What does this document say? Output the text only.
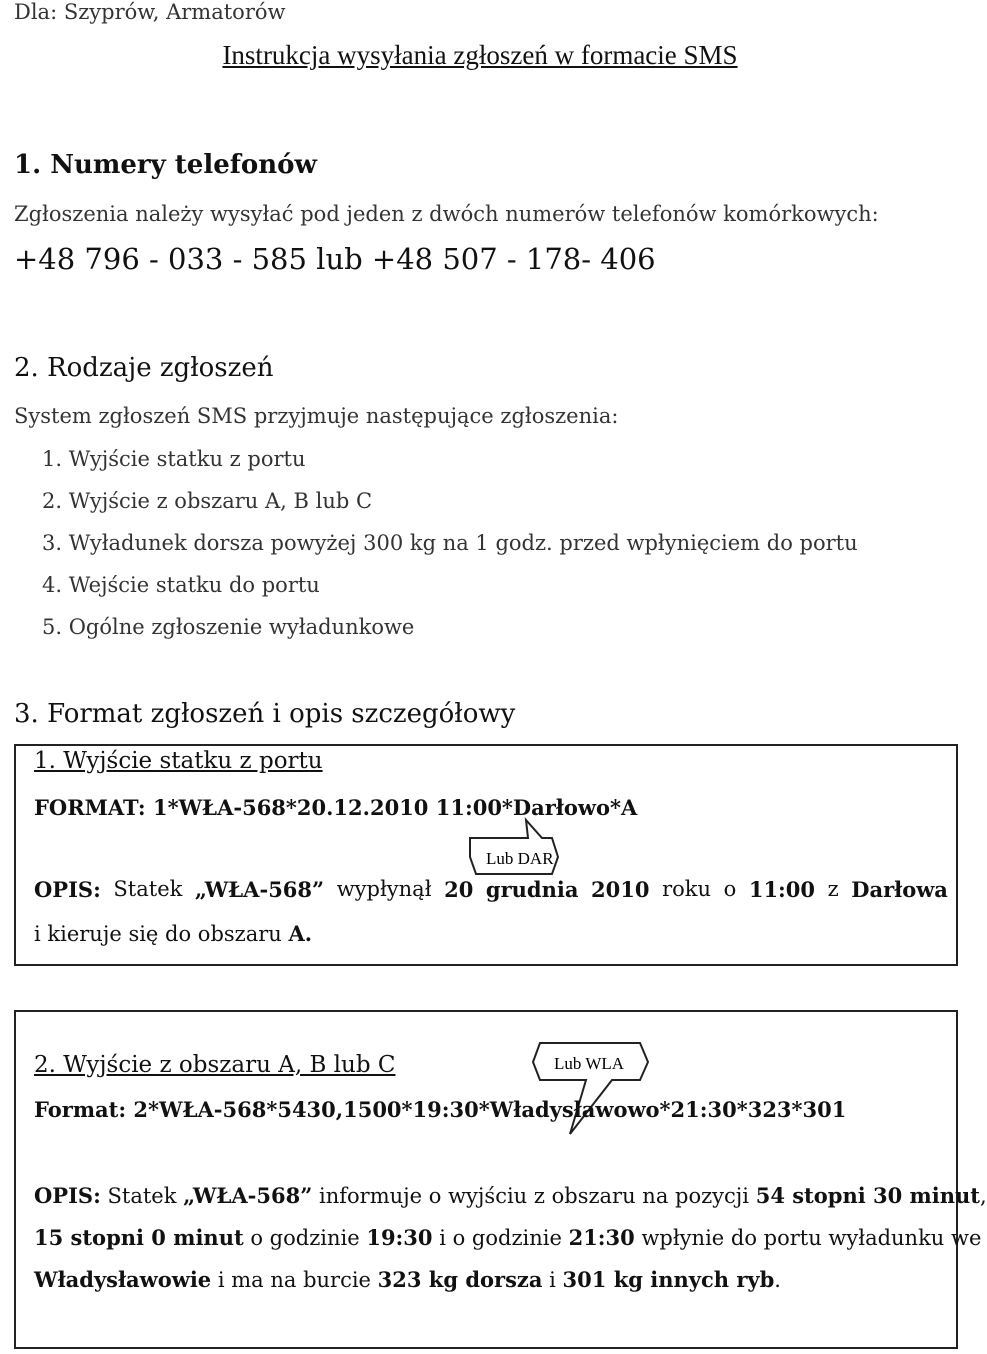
Dla: Szyprów, Armatorów
Instrukcja wysyłania zgłoszeń w formacie SMS
1. Numery telefonów
Zgłoszenia należy wysyłać pod jeden z dwóch numerów telefonów komórkowych:
+48 796 - 033 - 585 lub +48 507 - 178- 406
2. Rodzaje zgłoszeń
System zgłoszeń SMS przyjmuje następujące zgłoszenia:
1. Wyjście statku z portu
2. Wyjście z obszaru A, B lub C
3. Wyładunek dorsza powyżej 300 kg na 1 godz. przed wpłynięciem do portu
4. Wejście statku do portu
5. Ogólne zgłoszenie wyładunkowe
3. Format zgłoszeń i opis szczegółowy
1. Wyjście statku z portu
FORMAT: 1*WŁA-568*20.12.2010 11:00*Darłowo*A
Lub DAR
OPIS: Statek „WŁA-568” wypłynął 20 grudnia 2010 roku o 11:00 z Darłowa
i kieruje się do obszaru A.
2. Wyjście z obszaru A, B lub C	Lub WLA
Format: 2*WŁA-568*5430,1500*19:30*Władysławowo*21:30*323*301
OPIS: Statek „WŁA-568” informuje o wyjściu z obszaru na pozycji 54 stopni 30 minut,
15 stopni 0 minut o godzinie 19:30 i o godzinie 21:30 wpłynie do portu wyładunku we
Władysławowie i ma na burcie 323 kg dorsza i 301 kg innych ryb.
